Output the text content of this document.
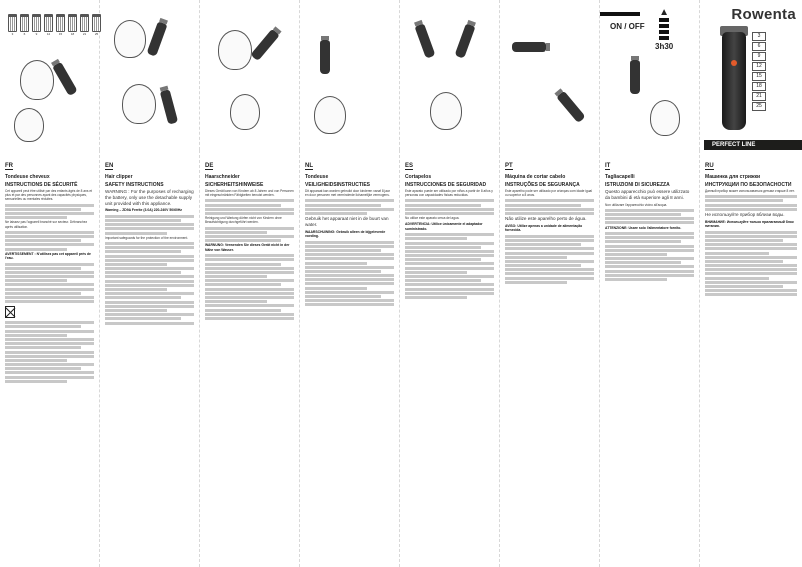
3	6	9	12	15	18	21	25
▲
3h30
ON / OFF
Rowenta
3
6
9
12
15
18
21
25
PERFECT LINE
FR
Tondeuse cheveux
INSTRUCTIONS DE SÉCURITÉ
Cet appareil peut être utilisé par des enfants âgés de 8 ans et plus et par des personnes ayant des capacités physiques, sensorielles ou mentales réduites.
Ne laissez pas l'appareil branché sur secteur. Débranchez après utilisation.
AVERTISSEMENT : N'utilisez pas cet appareil près de l'eau.
EN
Hair clipper
SAFETY INSTRUCTIONS
WARNING : For the purposes of recharging the battery, only use the detachable supply unit provided with this appliance.
Warning – ZD9A Ferrite (3.0A) 220-240V 50/60Hz
Important safeguards for the protection of the environment.
DE
Haarschneider
SICHERHEITSHINWEISE
Dieses Gerät kann von Kindern ab 8 Jahren und von Personen mit eingeschränkten Fähigkeiten benutzt werden.
Reinigung und Wartung dürfen nicht von Kindern ohne Beaufsichtigung durchgeführt werden.
WARNUNG: Verwenden Sie dieses Gerät nicht in der Nähe von Wasser.
NL
Tondeuse
VEILIGHEIDSINSTRUCTIES
Dit apparaat kan worden gebruikt door kinderen vanaf 8 jaar en door personen met verminderde lichamelijke vermogens.
Gebruik het apparaat niet in de buurt van water.
WAARSCHUWING: Gebruik alleen de bijgeleverde voeding.
ES
Cortapelos
INSTRUCCIONES DE SEGURIDAD
Este aparato puede ser utilizado por niños a partir de 8 años y personas con capacidades físicas reducidas.
No utilice este aparato cerca del agua.
ADVERTENCIA: Utilice únicamente el adaptador suministrado.
PT
Máquina de cortar cabelo
INSTRUÇÕES DE SEGURANÇA
Este aparelho pode ser utilizado por crianças com idade igual ou superior a 8 anos.
Não utilize este aparelho perto de água.
AVISO: Utilize apenas a unidade de alimentação fornecida.
IT
Tagliacapelli
ISTRUZIONI DI SICUREZZA
Questo apparecchio può essere utilizzato da bambini di età superiore agli 8 anni.
Non utilizzare l'apparecchio vicino all'acqua.
ATTENZIONE: Usare solo l'alimentatore fornito.
RU
Машинка для стрижки
ИНСТРУКЦИИ ПО БЕЗОПАСНОСТИ
Данный прибор может использоваться детьми старше 8 лет.
Не используйте прибор вблизи воды.
ВНИМАНИЕ: Используйте только прилагаемый блок питания.
